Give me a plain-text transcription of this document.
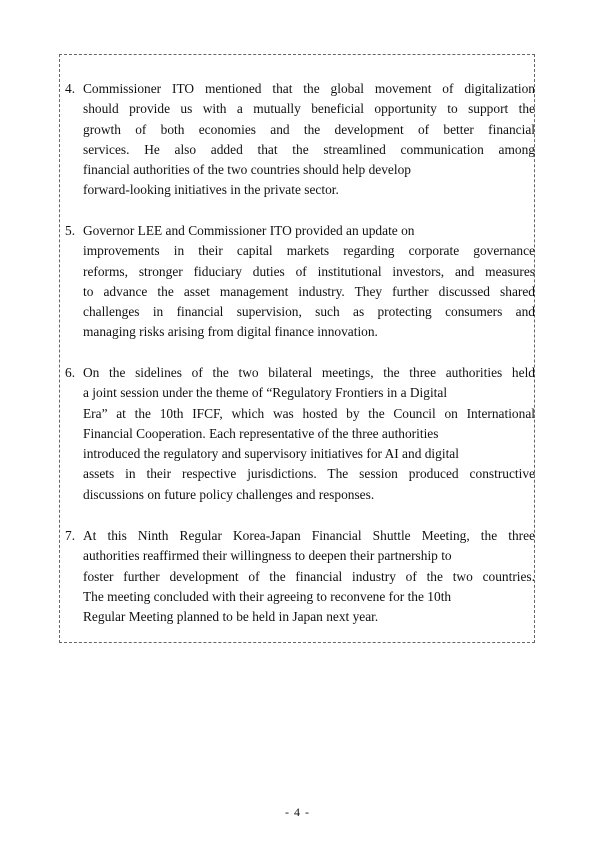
4. Commissioner ITO mentioned that the global movement of digitalization
should provide us with a mutually beneficial opportunity to support the
growth of both economies and the development of better financial
services. He also added that the streamlined communication among
financial authorities of the two countries should help develop
forward-looking initiatives in the private sector.
5. Governor LEE and Commissioner ITO provided an update on
improvements in their capital markets regarding corporate governance
reforms, stronger fiduciary duties of institutional investors, and measures
to advance the asset management industry. They further discussed shared
challenges in financial supervision, such as protecting consumers and
managing risks arising from digital finance innovation.
6. On the sidelines of the two bilateral meetings, the three authorities held
a joint session under the theme of “Regulatory Frontiers in a Digital
Era” at the 10th IFCF, which was hosted by the Council on International
Financial Cooperation. Each representative of the three authorities
introduced the regulatory and supervisory initiatives for AI and digital
assets in their respective jurisdictions. The session produced constructive
discussions on future policy challenges and responses.
7. At this Ninth Regular Korea-Japan Financial Shuttle Meeting, the three
authorities reaffirmed their willingness to deepen their partnership to
foster further development of the financial industry of the two countries.
The meeting concluded with their agreeing to reconvene for the 10th
Regular Meeting planned to be held in Japan next year.
- 4 -
